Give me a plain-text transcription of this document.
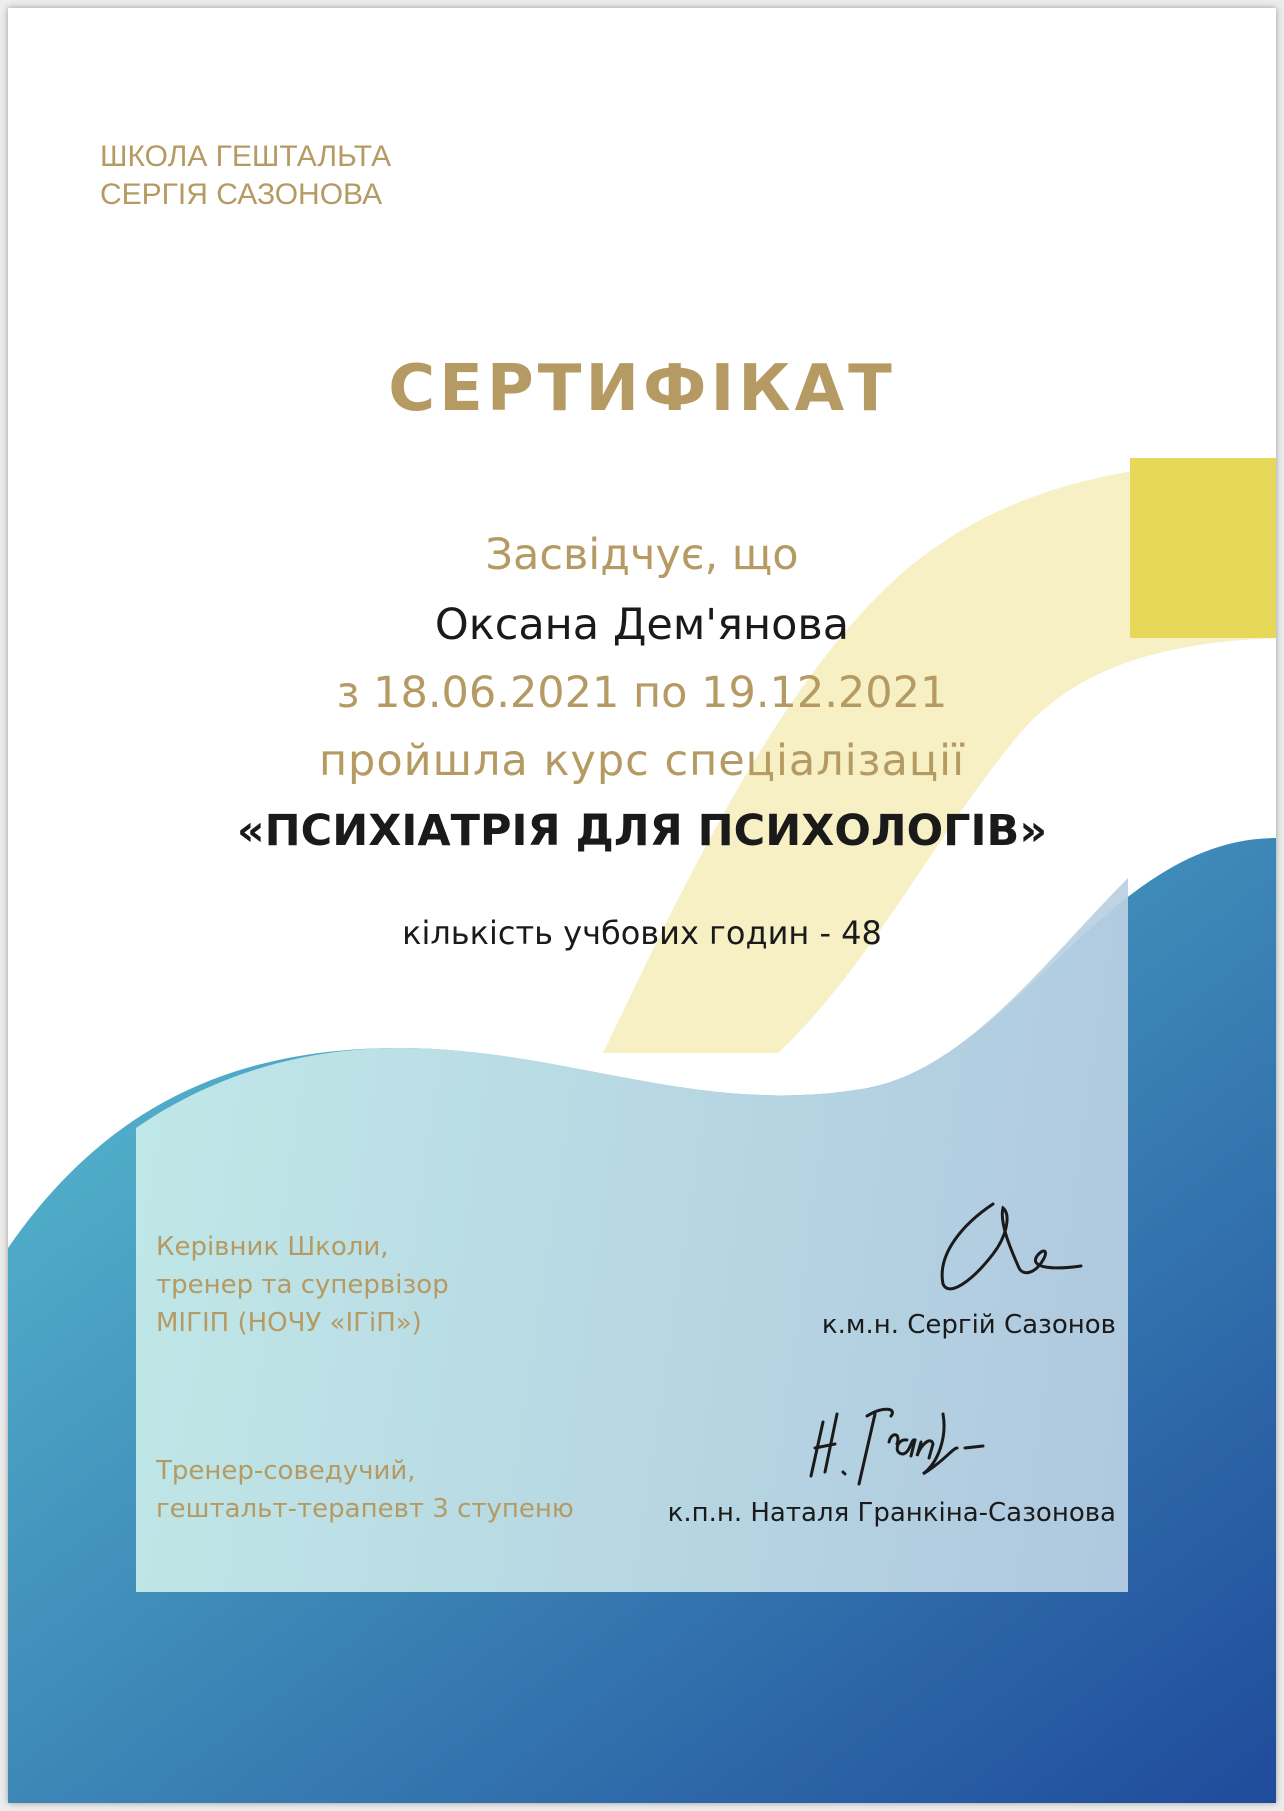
ШКОЛА ГЕШТАЛЬТА
СЕРГІЯ САЗОНОВА
СЕРТИФІКАТ
Засвідчує, що
Оксана Дем'янова
з 18.06.2021 по 19.12.2021
пройшла курс спеціалізації
«ПСИХІАТРІЯ ДЛЯ ПСИХОЛОГІВ»
кількість учбових годин - 48
Керівник Школи,
тренер та супервізор
МІГІП (НОЧУ «ІГіП»)	к.м.н. Сергій Сазонов
Тренер-соведучий,
гештальт-терапевт 3 ступеню	к.п.н. Наталя Гранкіна-Сазонова
